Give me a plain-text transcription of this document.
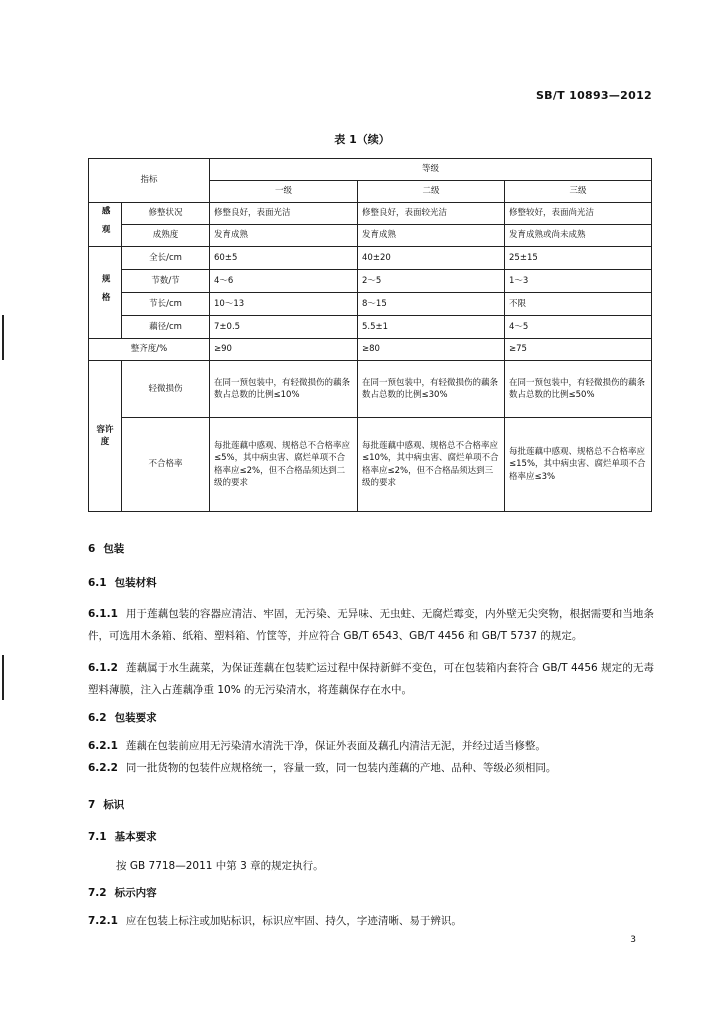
SB/T 10893—2012
表 1（续）
指标		等级		
		一级	二级	三级
感观	修整状况	修整良好，表面光洁	修整良好，表面较光洁	修整较好，表面尚光洁
	成熟度	发育成熟	发育成熟	发育成熟或尚未成熟
规格	全长/cm	60±5	40±20	25±15
	节数/节	4～6	2～5	1～3
	节长/cm	10～13	8～15	不限
	藕径/cm	7±0.5	5.5±1	4～5
整齐度/%		≥90	≥80	≥75
容许度	轻微损伤	在同一预包装中，有轻微损伤的藕条数占总数的比例≤10%	在同一预包装中，有轻微损伤的藕条数占总数的比例≤30%	在同一预包装中，有轻微损伤的藕条数占总数的比例≤50%
	不合格率	每批莲藕中感观、规格总不合格率应≤5%，其中病虫害、腐烂单项不合格率应≤2%，但不合格品须达到二级的要求	每批莲藕中感观、规格总不合格率应≤10%，其中病虫害、腐烂单项不合格率应≤2%，但不合格品须达到三级的要求	每批莲藕中感观、规格总不合格率应≤15%，其中病虫害、腐烂单项不合格率应≤3%
6 包装
6.1 包装材料
6.1.1 用于莲藕包装的容器应清洁、牢固，无污染、无异味、无虫蛀、无腐烂霉变，内外壁无尖突物，根据需要和当地条件，可选用木条箱、纸箱、塑料箱、竹筐等，并应符合 GB/T 6543、GB/T 4456 和 GB/T 5737 的规定。
6.1.2 莲藕属于水生蔬菜，为保证莲藕在包装贮运过程中保持新鲜不变色，可在包装箱内套符合 GB/T 4456 规定的无毒塑料薄膜，注入占莲藕净重 10% 的无污染清水，将莲藕保存在水中。
6.2 包装要求
6.2.1 莲藕在包装前应用无污染清水清洗干净，保证外表面及藕孔内清洁无泥，并经过适当修整。
6.2.2 同一批货物的包装件应规格统一，容量一致，同一包装内莲藕的产地、品种、等级必须相同。
7 标识
7.1 基本要求
按 GB 7718—2011 中第 3 章的规定执行。
7.2 标示内容
7.2.1 应在包装上标注或加贴标识，标识应牢固、持久，字迹清晰、易于辨识。
3
